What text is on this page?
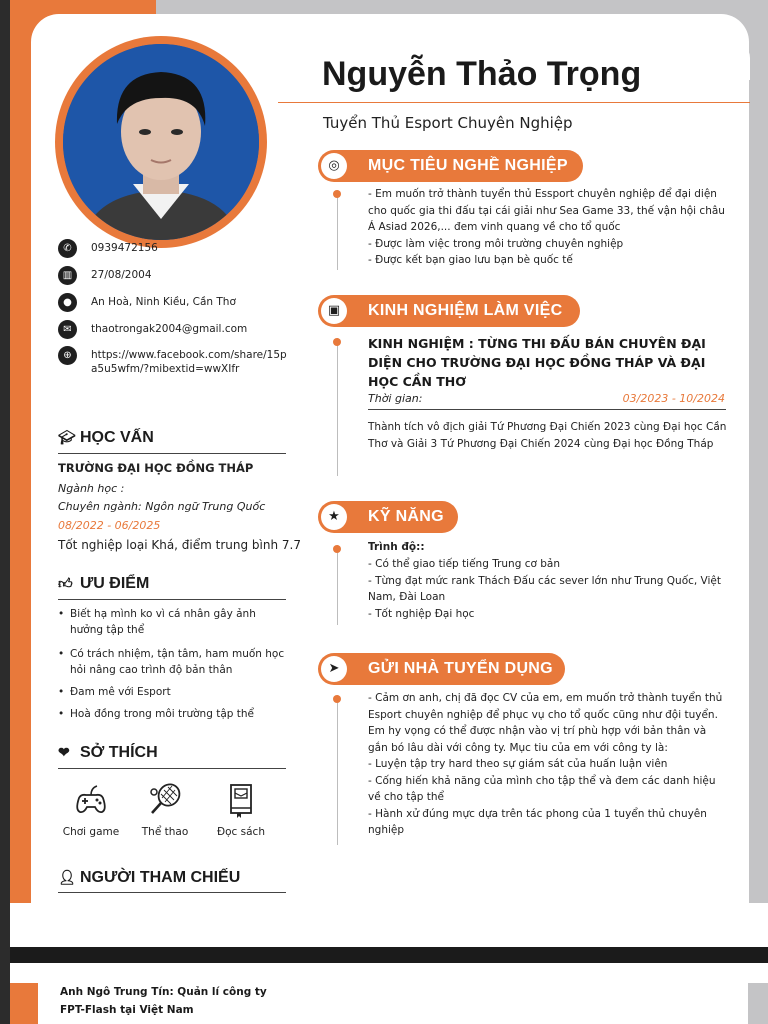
Nguyễn Thảo Trọng
Tuyển Thủ Esport Chuyên Nghiệp
✆	0939472156
▥	27/08/2004
●	An Hoà, Ninh Kiều, Cần Thơ
✉	thaotrongak2004@gmail.com
⊕	https://www.facebook.com/share/15pa5u5wfm/?mibextid=wwXIfr
🎓︎ HỌC VẤN
TRƯỜNG ĐẠI HỌC ĐỒNG THÁP
Ngành học :
Chuyên ngành: Ngôn ngữ Trung Quốc
08/2022 - 06/2025
Tốt nghiệp loại Khá, điểm trung bình 7.7
👍︎ ƯU ĐIỂM
• Biết hạ mình ko vì cá nhân gây ảnh hưởng tập thể
• Có trách nhiệm, tận tâm, ham muốn học hỏi nâng cao trình độ bản thân
• Đam mê với Esport
• Hoà đồng trong môi trường tập thể
❤ SỞ THÍCH
Chơi game	Thể thao	Đọc sách
👤︎ NGƯỜI THAM CHIẾU
◎	MỤC TIÊU NGHỀ NGHIỆP
- Em muốn trở thành tuyển thủ Essport chuyên nghiệp để đại diện cho quốc gia thi đấu tại cái giải như Sea Game 33, thế vận hội châu Á Asiad 2026,... đem vinh quang về cho tổ quốc
- Được làm việc trong môi trường chuyên nghiệp
- Được kết bạn giao lưu bạn bè quốc tế
▣	KINH NGHIỆM LÀM VIỆC
KINH NGHIỆM : TỪNG THI ĐẤU BÁN CHUYÊN ĐẠI DIỆN CHO TRƯỜNG ĐẠI HỌC ĐỒNG THÁP VÀ ĐẠI HỌC CẦN THƠ
Thời gian:	03/2023 - 10/2024
Thành tích vô địch giải Tứ Phương Đại Chiến 2023 cùng Đại học Cần Thơ và Giải 3 Tứ Phương Đại Chiến 2024 cùng Đại học Đồng Tháp
★	KỸ NĂNG
Trình độ::
- Có thể giao tiếp tiếng Trung cơ bản
- Từng đạt mức rank Thách Đấu các sever lớn như Trung Quốc, Việt Nam, Đài Loan
- Tốt nghiệp Đại học
➤	GỬI NHÀ TUYỂN DỤNG
- Cảm ơn anh, chị đã đọc CV của em, em muốn trở thành tuyển thủ Esport chuyên nghiệp để phục vụ cho tổ quốc cũng như đội tuyển. Em hy vọng có thể được nhận vào vị trí phù hợp với bản thân và gắn bó lâu dài với công ty. Mục tiu của em với công ty là:
- Luyện tập try hard theo sự giám sát của huấn luận viên
- Cống hiến khả năng của mình cho tập thể và đem các danh hiệu về cho tập thể
- Hành xử đúng mực dựa trên tác phong của 1 tuyển thủ chuyên nghiệp
Anh Ngô Trung Tín: Quản lí công ty FPT-Flash tại Việt Nam
